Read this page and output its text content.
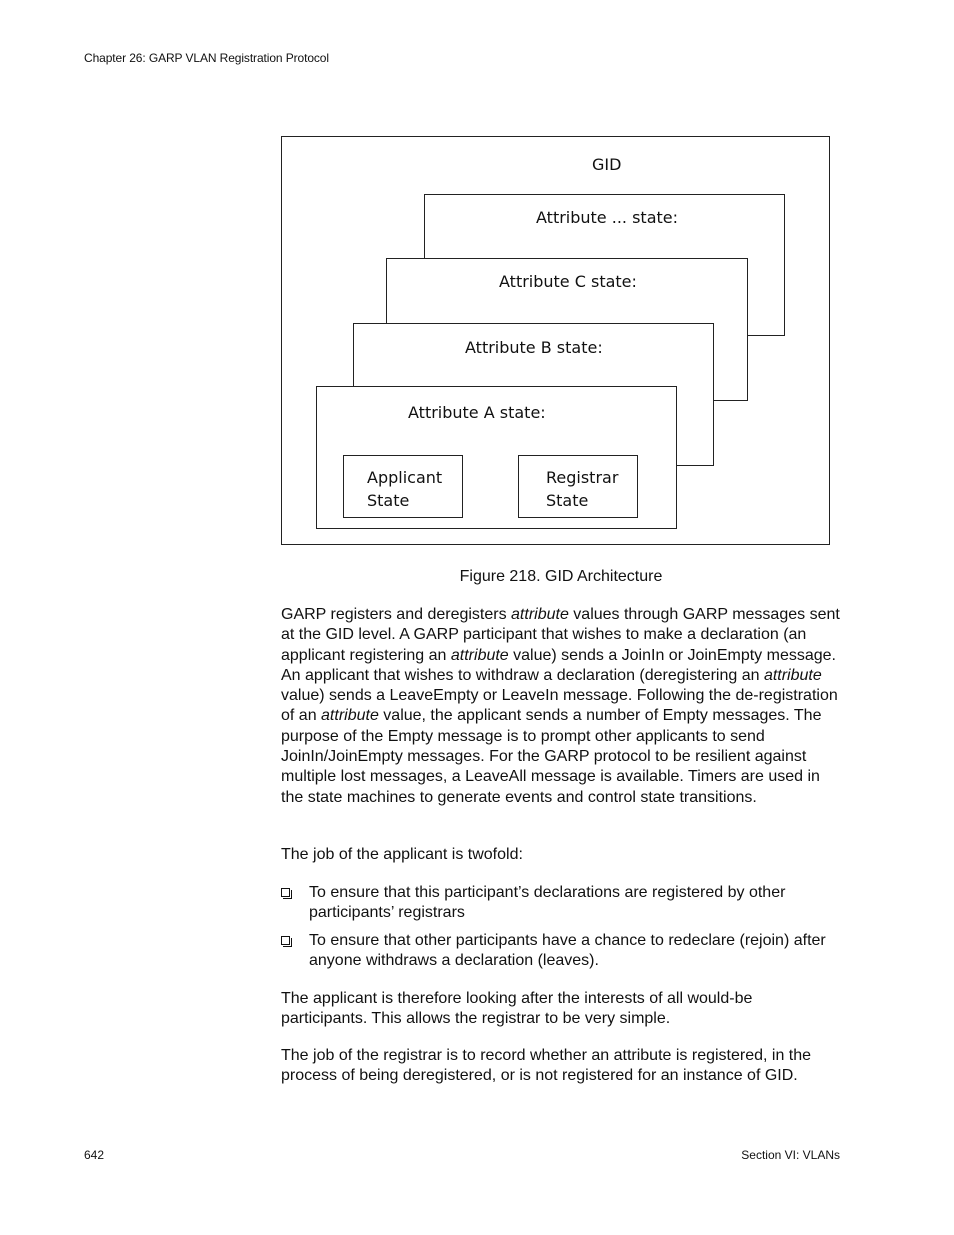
Chapter 26: GARP VLAN Registration Protocol
GID
Attribute ... state:
Attribute C state:
Attribute B state:
Attribute A state:
Applicant
State
Registrar
State
Figure 218. GID Architecture
GARP registers and deregisters attribute values through GARP messages sent at the GID level. A GARP participant that wishes to make a declaration (an applicant registering an attribute value) sends a JoinIn or JoinEmpty message. An applicant that wishes to withdraw a declaration (deregistering an attribute value) sends a LeaveEmpty or LeaveIn message. Following the de-registration of an attribute value, the applicant sends a number of Empty messages. The purpose of the Empty message is to prompt other applicants to send JoinIn/JoinEmpty messages. For the GARP protocol to be resilient against multiple lost messages, a LeaveAll message is available. Timers are used in the state machines to generate events and control state transitions.
The job of the applicant is twofold:
To ensure that this participant’s declarations are registered by other participants’ registrars
To ensure that other participants have a chance to redeclare (rejoin) after anyone withdraws a declaration (leaves).
The applicant is therefore looking after the interests of all would-be participants. This allows the registrar to be very simple.
The job of the registrar is to record whether an attribute is registered, in the process of being deregistered, or is not registered for an instance of GID.
642	Section VI: VLANs
